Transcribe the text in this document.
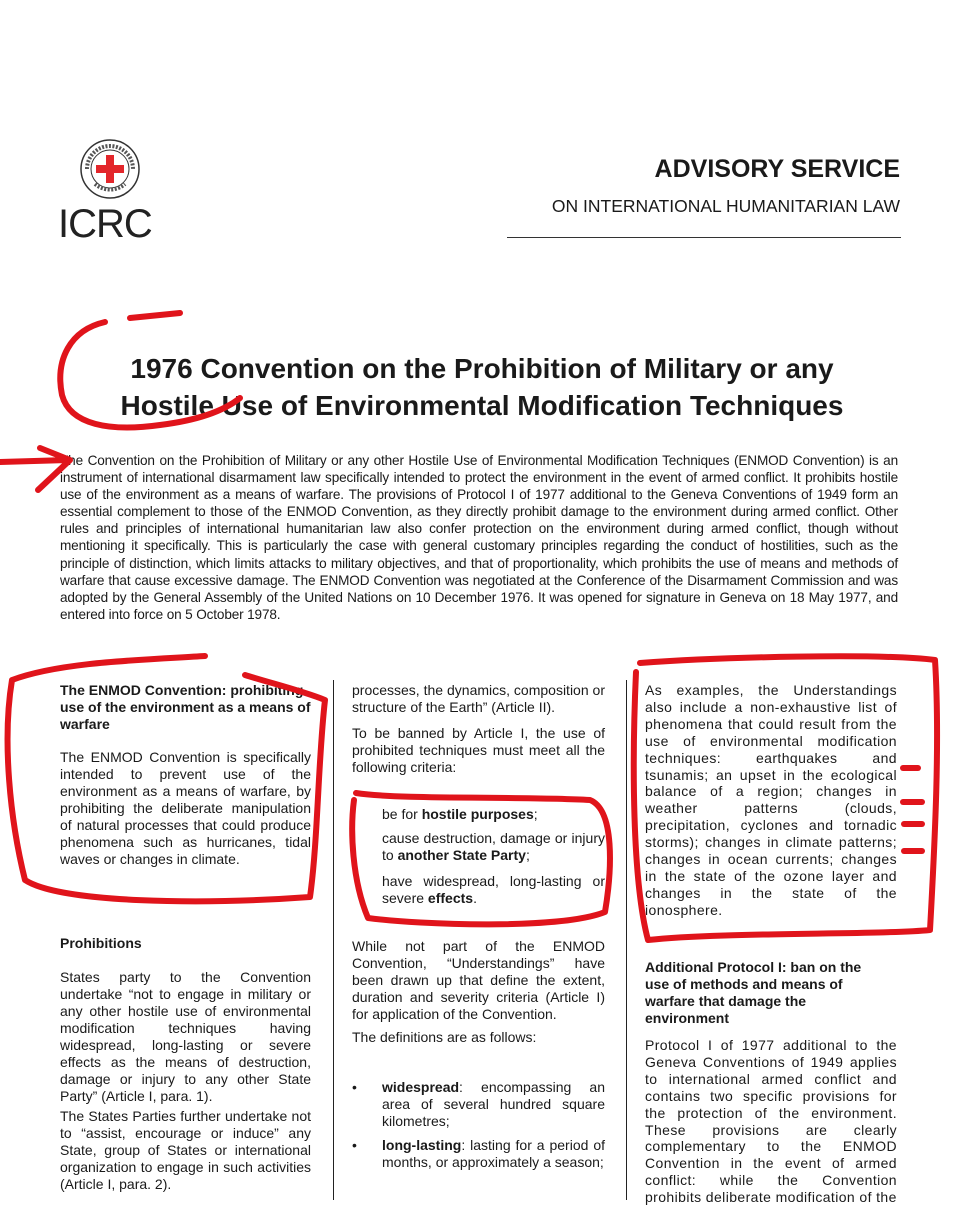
ICRC
ADVISORY SERVICE
ON INTERNATIONAL HUMANITARIAN LAW
1976 Convention on the Prohibition of Military or any
Hostile Use of Environmental Modification Techniques
The Convention on the Prohibition of Military or any other Hostile Use of Environmental Modification Techniques (ENMOD Convention) is an instrument of international disarmament law specifically intended to protect the environment in the event of armed conflict. It prohibits hostile use of the environment as a means of warfare. The provisions of Protocol I of 1977 additional to the Geneva Conventions of 1949 form an essential complement to those of the ENMOD Convention, as they directly prohibit damage to the environment during armed conflict. Other rules and principles of international humanitarian law also confer protection on the environment during armed conflict, though without mentioning it specifically. This is particularly the case with general customary principles regarding the conduct of hostilities, such as the principle of distinction, which limits attacks to military objectives, and that of proportionality, which prohibits the use of means and methods of warfare that cause excessive damage. The ENMOD Convention was negotiated at the Conference of the Disarmament Commission and was adopted by the General Assembly of the United Nations on 10 December 1976. It was opened for signature in Geneva on 18 May 1977, and entered into force on 5 October 1978.
The ENMOD Convention: prohibiting use of the environment as a means of warfare
The ENMOD Convention is specifically intended to prevent use of the environment as a means of warfare, by prohibiting the deliberate manipulation of natural processes that could produce phenomena such as hurricanes, tidal waves or changes in climate.
Prohibitions
States party to the Convention undertake “not to engage in military or any other hostile use of environmental modification techniques having widespread, long-lasting or severe effects as the means of destruction, damage or injury to any other State Party” (Article I, para. 1).
The States Parties further undertake not to “assist, encourage or induce” any State, group of States or international organization to engage in such activities (Article I, para. 2).
processes, the dynamics, composition or structure of the Earth” (Article II).
To be banned by Article I, the use of prohibited techniques must meet all the following criteria:
be for hostile purposes;
cause destruction, damage or injury to another State Party;
have widespread, long-lasting or severe effects.
While not part of the ENMOD Convention, “Understandings” have been drawn up that define the extent, duration and severity criteria (Article I) for application of the Convention.
The definitions are as follows:
• widespread: encompassing an area of several hundred square kilometres;
• long-lasting: lasting for a period of months, or approximately a season;
As examples, the Understandings also include a non-exhaustive list of phenomena that could result from the use of environmental modification techniques: earthquakes and tsunamis; an upset in the ecological balance of a region; changes in weather patterns (clouds, precipitation, cyclones and tornadic storms); changes in climate patterns; changes in ocean currents; changes in the state of the ozone layer and changes in the state of the ionosphere.
Additional Protocol I: ban on the use of methods and means of warfare that damage the environment
Protocol I of 1977 additional to the Geneva Conventions of 1949 applies to international armed conflict and contains two specific provisions for the protection of the environment. These provisions are clearly complementary to the ENMOD Convention in the event of armed conflict: while the Convention prohibits deliberate modification of the
